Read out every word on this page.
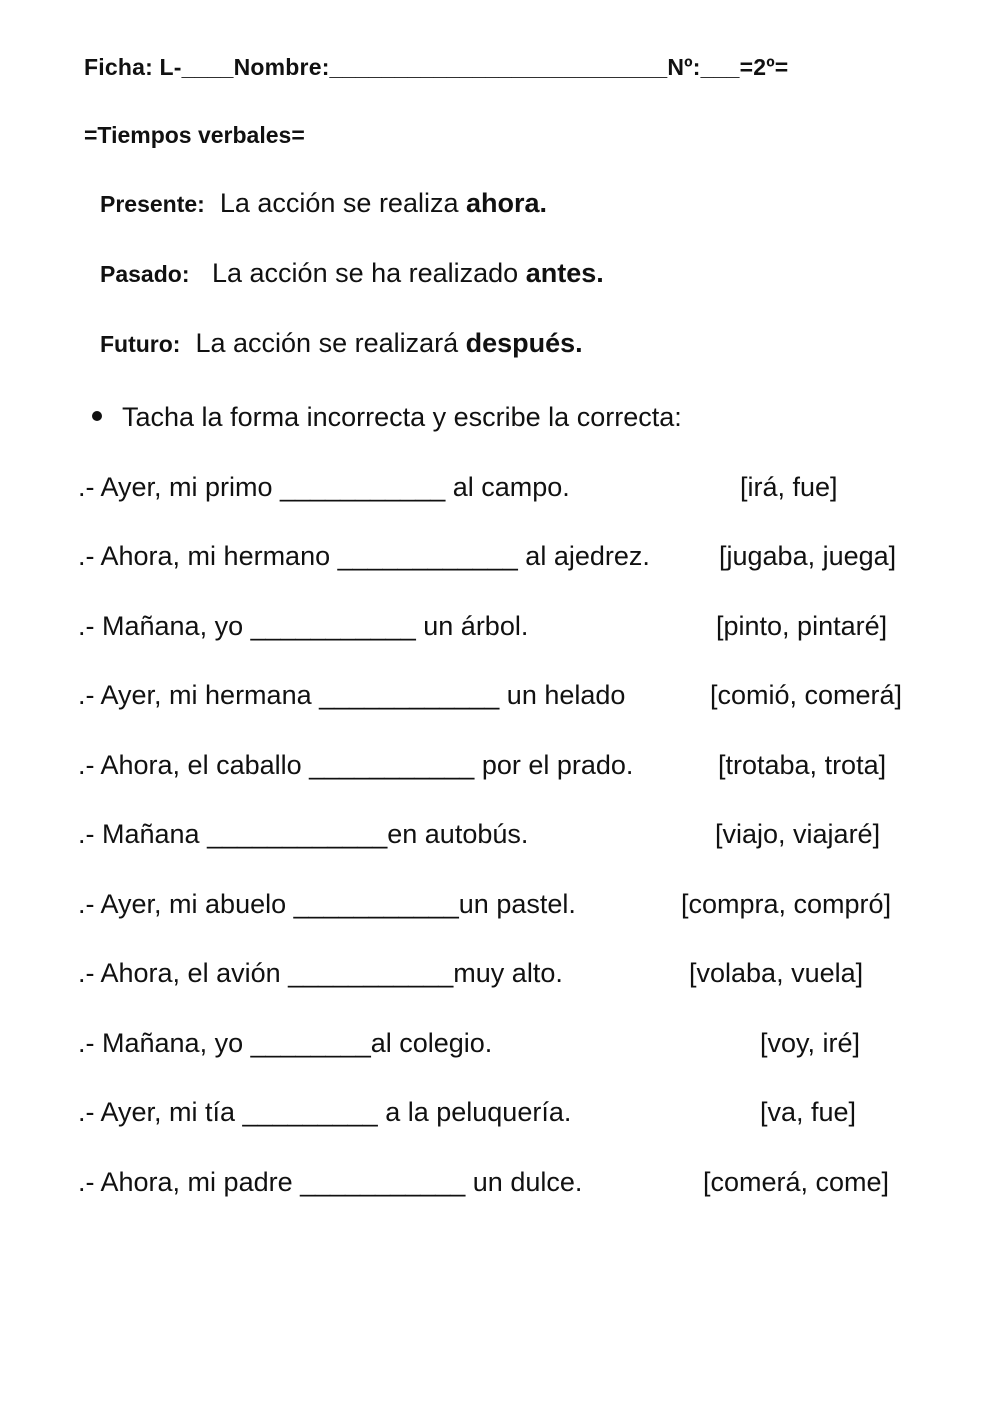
Ficha: L-____Nombre:__________________________Nº:___=2º=
=Tiempos verbales=
Presente: La acción se realiza ahora.
Pasado: La acción se ha realizado antes.
Futuro: La acción se realizará después.
Tacha la forma incorrecta y escribe la correcta:
.- Ayer, mi primo ___________ al campo.	[irá, fue]
.- Ahora, mi hermano ____________ al ajedrez.	[jugaba, juega]
.- Mañana, yo ___________ un árbol.	[pinto, pintaré]
.- Ayer, mi hermana ____________ un helado	[comió, comerá]
.- Ahora, el caballo ___________ por el prado.	[trotaba, trota]
.- Mañana ____________en autobús.	[viajo, viajaré]
.- Ayer, mi abuelo ___________un pastel.	[compra, compró]
.- Ahora, el avión ___________muy alto.	[volaba, vuela]
.- Mañana, yo ________al colegio.	[voy, iré]
.- Ayer, mi tía _________ a la peluquería.	[va, fue]
.- Ahora, mi padre ___________ un dulce.	[comerá, come]
